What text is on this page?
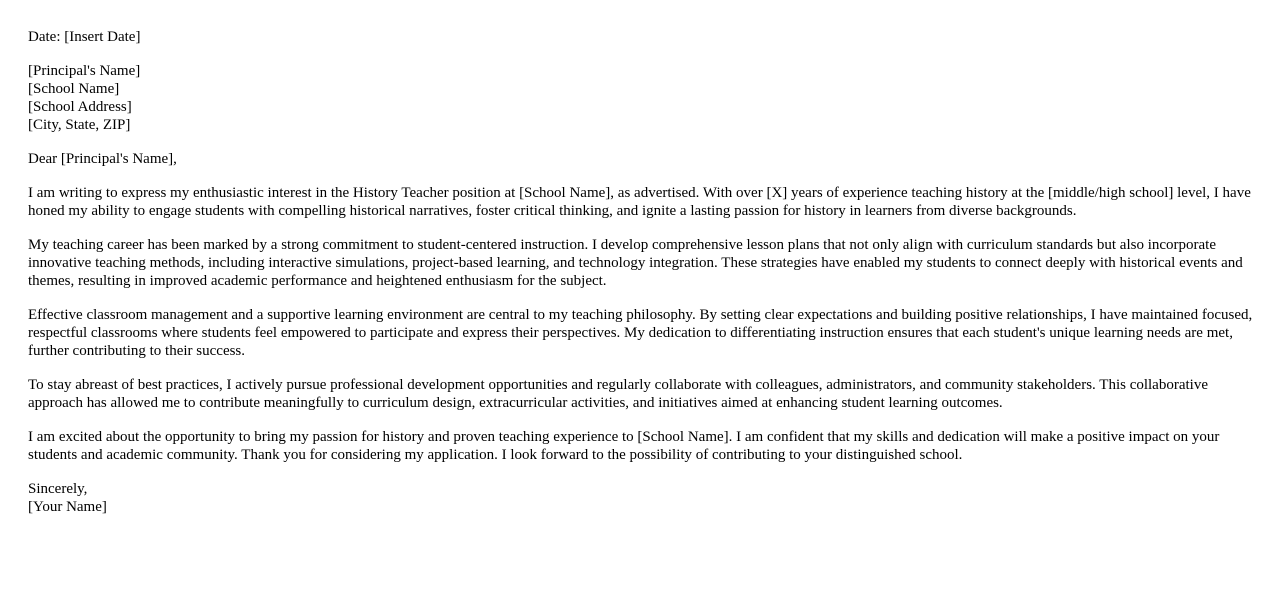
Date: [Insert Date]
[Principal's Name]
[School Name]
[School Address]
[City, State, ZIP]
Dear [Principal's Name],

I am writing to express my enthusiastic interest in the History Teacher position at [School Name], as advertised. With over [X] years of experience teaching history at the [middle/high school] level, I have honed my ability to engage students with compelling historical narratives, foster critical thinking, and ignite a lasting passion for history in learners from diverse backgrounds.

My teaching career has been marked by a strong commitment to student-centered instruction. I develop comprehensive lesson plans that not only align with curriculum standards but also incorporate innovative teaching methods, including interactive simulations, project-based learning, and technology integration. These strategies have enabled my students to connect deeply with historical events and themes, resulting in improved academic performance and heightened enthusiasm for the subject.

Effective classroom management and a supportive learning environment are central to my teaching philosophy. By setting clear expectations and building positive relationships, I have maintained focused, respectful classrooms where students feel empowered to participate and express their perspectives. My dedication to differentiating instruction ensures that each student's unique learning needs are met, further contributing to their success.

To stay abreast of best practices, I actively pursue professional development opportunities and regularly collaborate with colleagues, administrators, and community stakeholders. This collaborative approach has allowed me to contribute meaningfully to curriculum design, extracurricular activities, and initiatives aimed at enhancing student learning outcomes.

I am excited about the opportunity to bring my passion for history and proven teaching experience to [School Name]. I am confident that my skills and dedication will make a positive impact on your students and academic community. Thank you for considering my application. I look forward to the possibility of contributing to your distinguished school.

Sincerely,
[Your Name]
